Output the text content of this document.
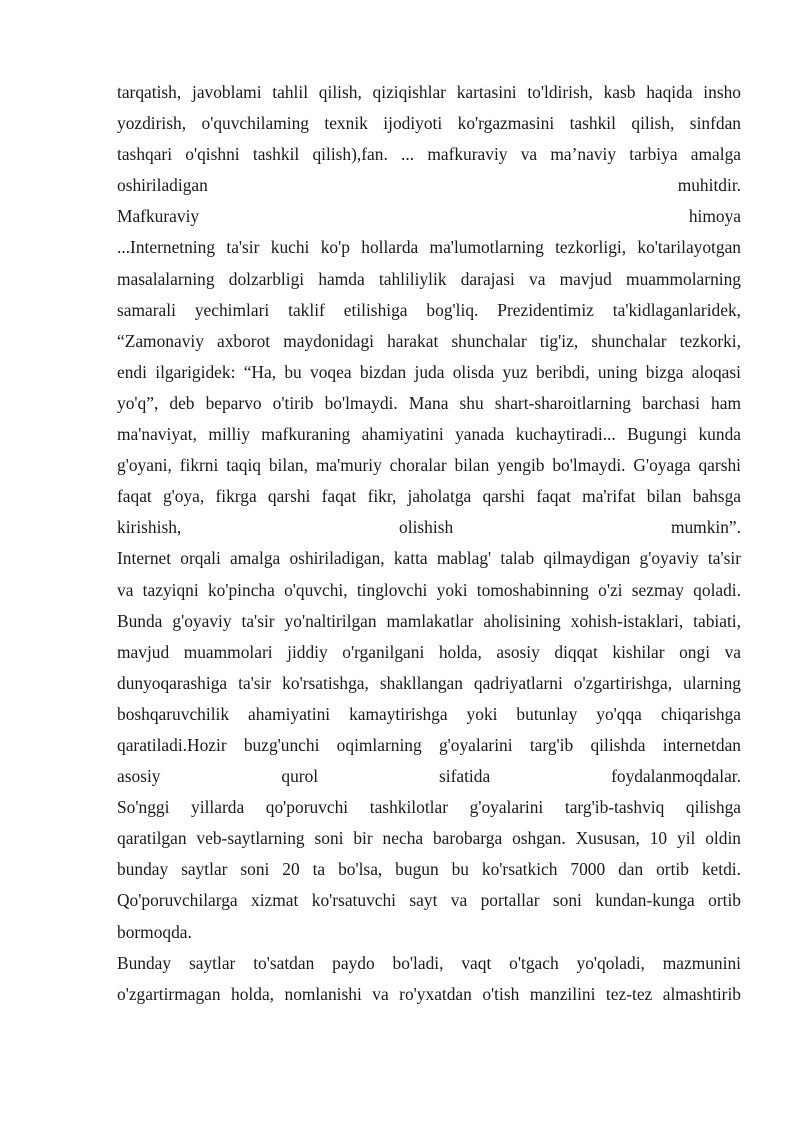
tarqatish, javoblami tahlil qilish, qiziqishlar kartasini to'ldirish, kasb haqida insho
yozdirish, o'quvchilaming texnik ijodiyoti ko'rgazmasini tashkil qilish, sinfdan
tashqari o'qishni tashkil qilish),fan. ... mafkuraviy va ma’naviy tarbiya amalga
oshiriladigan muhitdir.
Mafkuraviy himoya
...Internetning ta'sir kuchi ko'p hollarda ma'lumotlarning tezkorligi, ko'tarilayotgan
masalalarning dolzarbligi hamda tahliliylik darajasi va mavjud muammolarning
samarali yechimlari taklif etilishiga bog'liq. Prezidentimiz ta'kidlaganlaridek,
“Zamonaviy axborot maydonidagi harakat shunchalar tig'iz, shunchalar tezkorki,
endi ilgarigidek: “Ha, bu voqea bizdan juda olisda yuz beribdi, uning bizga aloqasi
yo'q”, deb beparvo o'tirib bo'lmaydi. Mana shu shart-sharoitlarning barchasi ham
ma'naviyat, milliy mafkuraning ahamiyatini yanada kuchaytiradi... Bugungi kunda
g'oyani, fikrni taqiq bilan, ma'muriy choralar bilan yengib bo'lmaydi. G'oyaga qarshi
faqat g'oya, fikrga qarshi faqat fikr, jaholatga qarshi faqat ma'rifat bilan bahsga
kirishish, olishish mumkin”.
Internet orqali amalga oshiriladigan, katta mablag' talab qilmaydigan g'oyaviy ta'sir
va tazyiqni ko'pincha o'quvchi, tinglovchi yoki tomoshabinning o'zi sezmay qoladi.
Bunda g'oyaviy ta'sir yo'naltirilgan mamlakatlar aholisining xohish-istaklari, tabiati,
mavjud muammolari jiddiy o'rganilgani holda, asosiy diqqat kishilar ongi va
dunyoqarashiga ta'sir ko'rsatishga, shakllangan qadriyatlarni o'zgartirishga, ularning
boshqaruvchilik ahamiyatini kamaytirishga yoki butunlay yo'qqa chiqarishga
qaratiladi.Hozir buzg'unchi oqimlarning g'oyalarini targ'ib qilishda internetdan
asosiy qurol sifatida foydalanmoqdalar.
So'nggi yillarda qo'poruvchi tashkilotlar g'oyalarini targ'ib-tashviq qilishga
qaratilgan veb-saytlarning soni bir necha barobarga oshgan. Xususan, 10 yil oldin
bunday saytlar soni 20 ta bo'lsa, bugun bu ko'rsatkich 7000 dan ortib ketdi.
Qo'poruvchilarga xizmat ko'rsatuvchi sayt va portallar soni kundan-kunga ortib
bormoqda.
Bunday saytlar to'satdan paydo bo'ladi, vaqt o'tgach yo'qoladi, mazmunini
o'zgartirmagan holda, nomlanishi va ro'yxatdan o'tish manzilini tez-tez almashtirib
